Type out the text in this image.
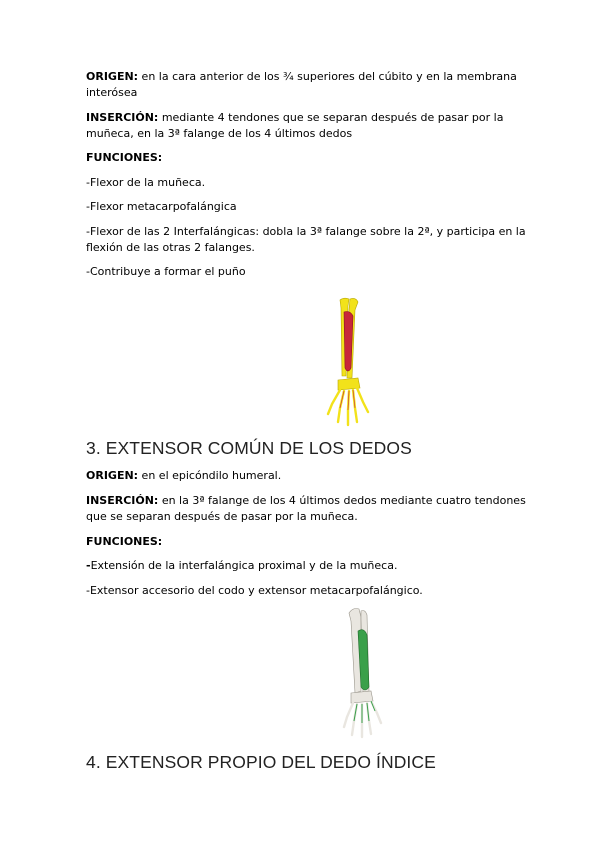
ORIGEN: en la cara anterior de los ¾ superiores del cúbito y en la membrana interósea

INSERCIÓN: mediante 4 tendones que se separan después de pasar por la muñeca, en la 3ª falange de los 4 últimos dedos

FUNCIONES:

-Flexor de la muñeca.

-Flexor metacarpofalángica

-Flexor de las 2 Interfalángicas: dobla la 3ª falange sobre la 2ª, y participa en la flexión de las otras 2 falanges.

-Contribuye a formar el puño

3. EXTENSOR COMÚN DE LOS DEDOS

ORIGEN: en el epicóndilo humeral.

INSERCIÓN: en la 3ª falange de los 4 últimos dedos mediante cuatro tendones que se separan después de pasar por la muñeca.

FUNCIONES:

-Extensión de la interfalángica proximal y de la muñeca.

-Extensor accesorio del codo y extensor metacarpofalángico.

4. EXTENSOR PROPIO DEL DEDO ÍNDICE
